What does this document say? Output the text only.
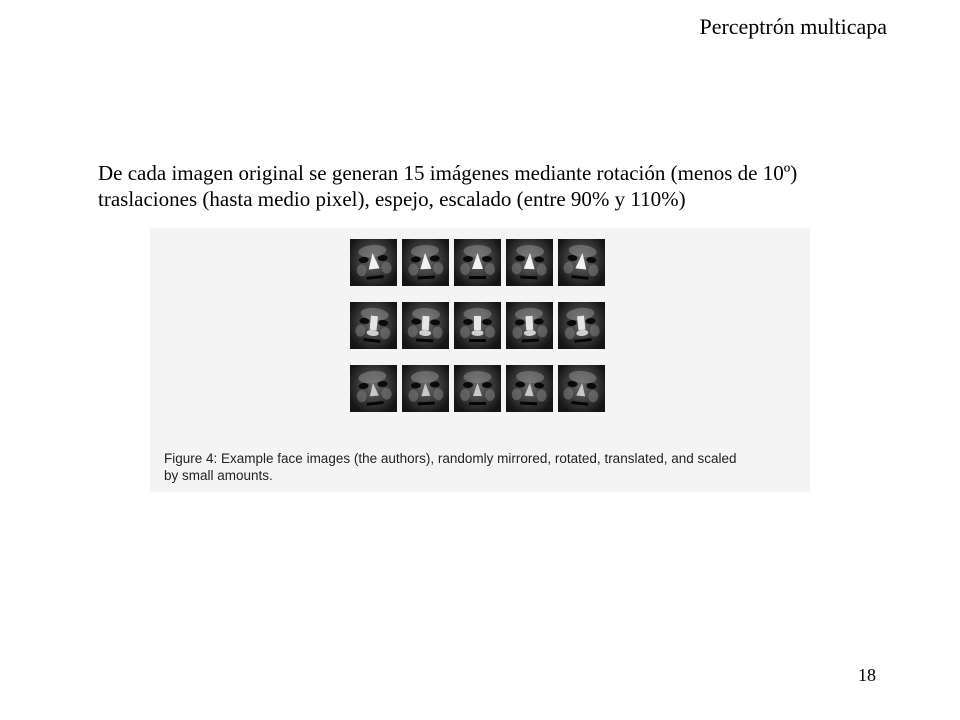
Perceptrón multicapa
De cada imagen original se generan 15 imágenes mediante rotación (menos de 10º)
traslaciones (hasta medio pixel), espejo, escalado (entre 90% y 110%)
Figure 4: Example face images (the authors), randomly mirrored, rotated, translated, and scaled
by small amounts.
18
